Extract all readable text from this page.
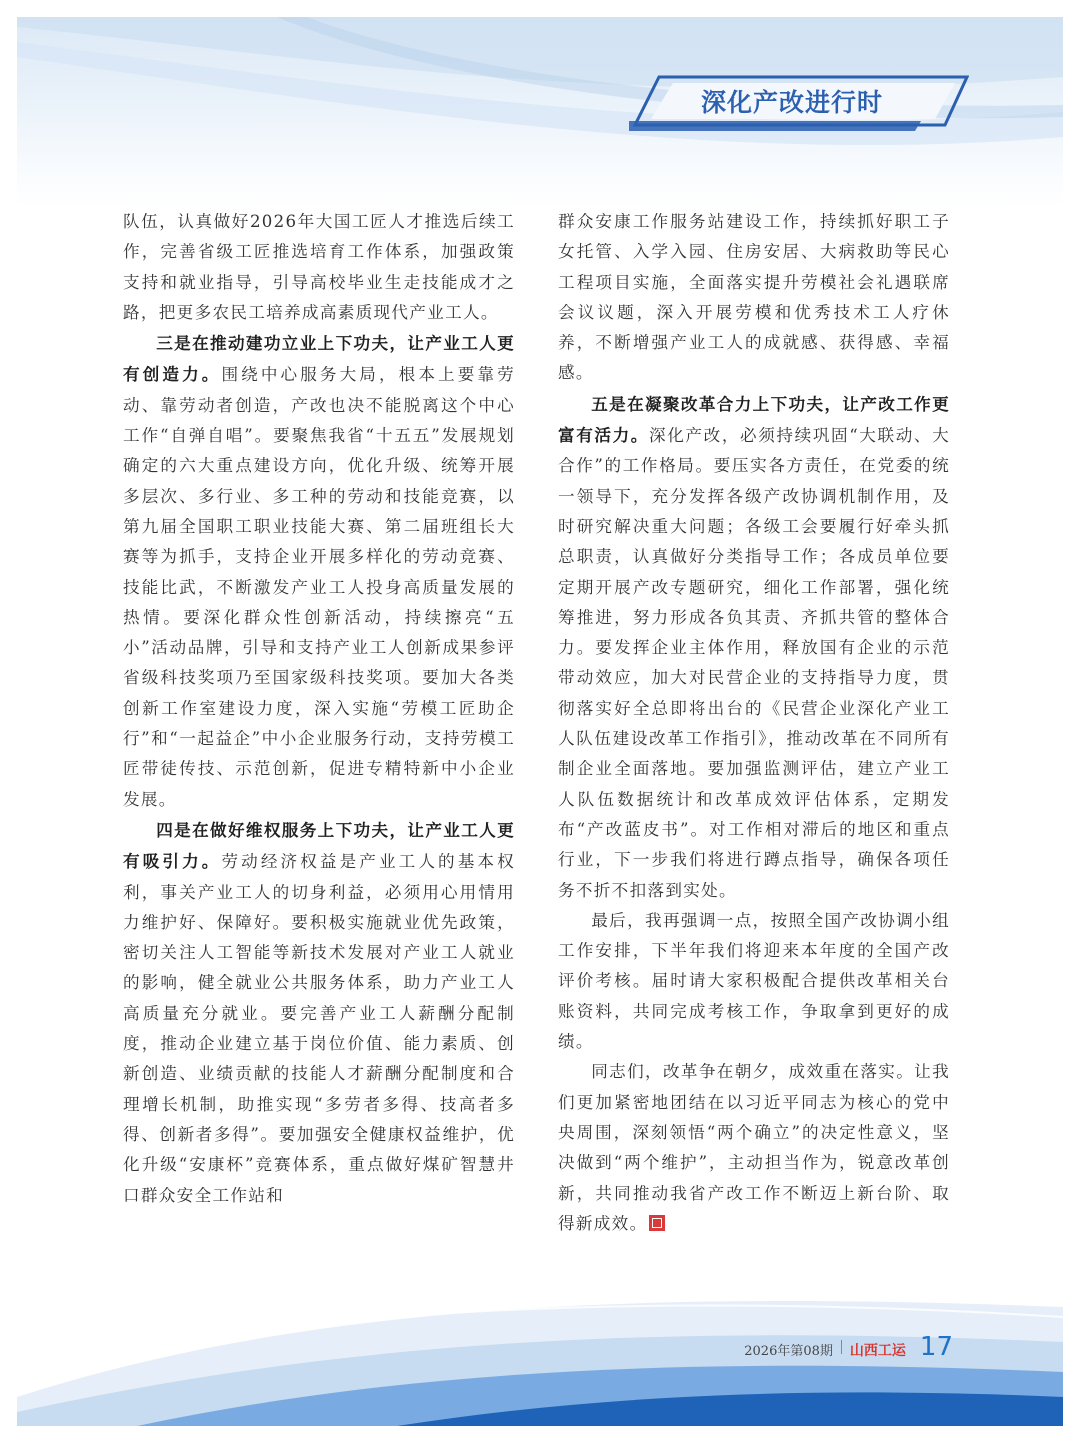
深化产改进行时

队伍，认真做好2026年大国工匠人才推选后续工作，完善省级工匠推选培育工作体系，加强政策支持和就业指导，引导高校毕业生走技能成才之路，把更多农民工培养成高素质现代产业工人。

三是在推动建功立业上下功夫，让产业工人更有创造力。围绕中心服务大局，根本上要靠劳动、靠劳动者创造，产改也决不能脱离这个中心工作“自弹自唱”。要聚焦我省“十五五”发展规划确定的六大重点建设方向，优化升级、统筹开展多层次、多行业、多工种的劳动和技能竞赛，以第九届全国职工职业技能大赛、第二届班组长大赛等为抓手，支持企业开展多样化的劳动竞赛、技能比武，不断激发产业工人投身高质量发展的热情。要深化群众性创新活动，持续擦亮“五小”活动品牌，引导和支持产业工人创新成果参评省级科技奖项乃至国家级科技奖项。要加大各类创新工作室建设力度，深入实施“劳模工匠助企行”和“一起益企”中小企业服务行动，支持劳模工匠带徒传技、示范创新，促进专精特新中小企业发展。

四是在做好维权服务上下功夫，让产业工人更有吸引力。劳动经济权益是产业工人的基本权利，事关产业工人的切身利益，必须用心用情用力维护好、保障好。要积极实施就业优先政策，密切关注人工智能等新技术发展对产业工人就业的影响，健全就业公共服务体系，助力产业工人高质量充分就业。要完善产业工人薪酬分配制度，推动企业建立基于岗位价值、能力素质、创新创造、业绩贡献的技能人才薪酬分配制度和合理增长机制，助推实现“多劳者多得、技高者多得、创新者多得”。要加强安全健康权益维护，优化升级“安康杯”竞赛体系，重点做好煤矿智慧井口群众安全工作站和

群众安康工作服务站建设工作，持续抓好职工子女托管、入学入园、住房安居、大病救助等民心工程项目实施，全面落实提升劳模社会礼遇联席会议议题，深入开展劳模和优秀技术工人疗休养，不断增强产业工人的成就感、获得感、幸福感。

五是在凝聚改革合力上下功夫，让产改工作更富有活力。深化产改，必须持续巩固“大联动、大合作”的工作格局。要压实各方责任，在党委的统一领导下，充分发挥各级产改协调机制作用，及时研究解决重大问题；各级工会要履行好牵头抓总职责，认真做好分类指导工作；各成员单位要定期开展产改专题研究，细化工作部署，强化统筹推进，努力形成各负其责、齐抓共管的整体合力。要发挥企业主体作用，释放国有企业的示范带动效应，加大对民营企业的支持指导力度，贯彻落实好全总即将出台的《民营企业深化产业工人队伍建设改革工作指引》，推动改革在不同所有制企业全面落地。要加强监测评估，建立产业工人队伍数据统计和改革成效评估体系，定期发布“产改蓝皮书”。对工作相对滞后的地区和重点行业，下一步我们将进行蹲点指导，确保各项任务不折不扣落到实处。

最后，我再强调一点，按照全国产改协调小组工作安排，下半年我们将迎来本年度的全国产改评价考核。届时请大家积极配合提供改革相关台账资料，共同完成考核工作，争取拿到更好的成绩。

同志们，改革争在朝夕，成效重在落实。让我们更加紧密地团结在以习近平同志为核心的党中央周围，深刻领悟“两个确立”的决定性意义，坚决做到“两个维护”，主动担当作为，锐意改革创新，共同推动我省产改工作不断迈上新台阶、取得新成效。

2026年第08期 山西工运 17
